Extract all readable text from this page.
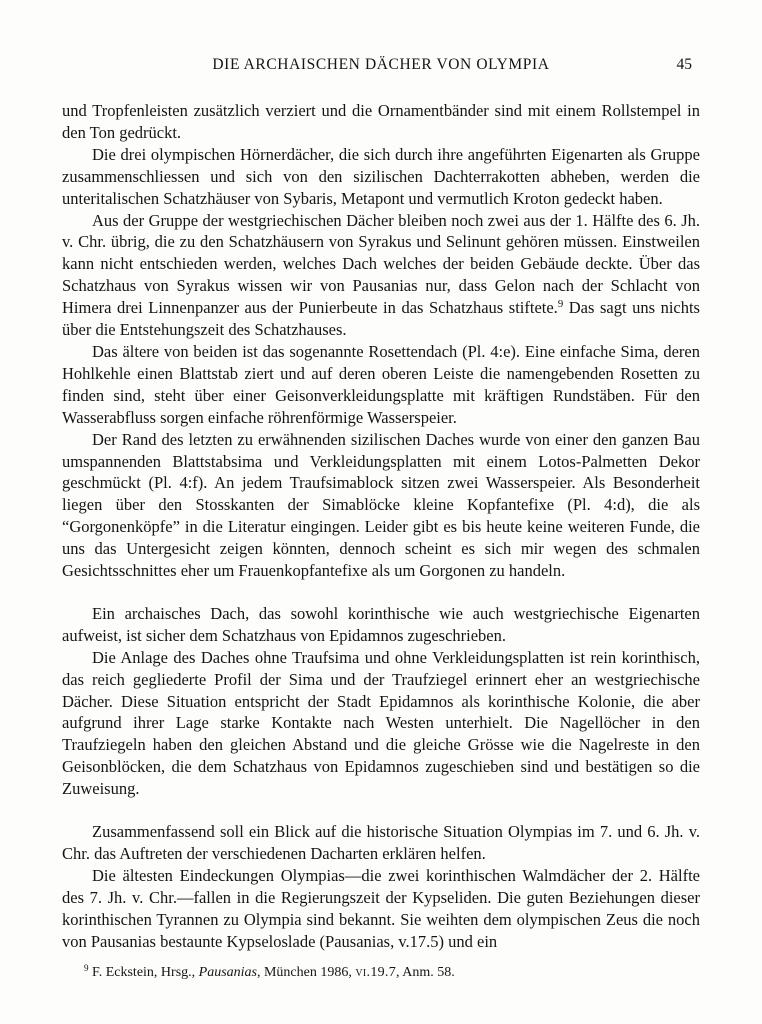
DIE ARCHAISCHEN DÄCHER VON OLYMPIA	45

und Tropfenleisten zusätzlich verziert und die Ornamentbänder sind mit einem Rollstempel in den Ton gedrückt.

Die drei olympischen Hörnerdächer, die sich durch ihre angeführten Eigenarten als Gruppe zusammenschliessen und sich von den sizilischen Dachterrakotten abheben, werden die unteritalischen Schatzhäuser von Sybaris, Metapont und vermutlich Kroton gedeckt haben.

Aus der Gruppe der westgriechischen Dächer bleiben noch zwei aus der 1. Hälfte des 6. Jh. v. Chr. übrig, die zu den Schatzhäusern von Syrakus und Selinunt gehören müssen. Einstweilen kann nicht entschieden werden, welches Dach welches der beiden Gebäude deckte. Über das Schatzhaus von Syrakus wissen wir von Pausanias nur, dass Gelon nach der Schlacht von Himera drei Linnenpanzer aus der Punierbeute in das Schatzhaus stiftete.$^9$ Das sagt uns nichts über die Entstehungszeit des Schatzhauses.

Das ältere von beiden ist das sogenannte Rosettendach (Pl. 4:e). Eine einfache Sima, deren Hohlkehle einen Blattstab ziert und auf deren oberen Leiste die namengebenden Rosetten zu finden sind, steht über einer Geisonverkleidungsplatte mit kräftigen Rundstäben. Für den Wasserabfluss sorgen einfache röhrenförmige Wasserspeier.

Der Rand des letzten zu erwähnenden sizilischen Daches wurde von einer den ganzen Bau umspannenden Blattstabsima und Verkleidungsplatten mit einem Lotos-Palmetten Dekor geschmückt (Pl. 4:f). An jedem Traufsimablock sitzen zwei Wasserspeier. Als Besonderheit liegen über den Stosskanten der Simablöcke kleine Kopfantefixe (Pl. 4:d), die als “Gorgonenköpfe” in die Literatur eingingen. Leider gibt es bis heute keine weiteren Funde, die uns das Untergesicht zeigen könnten, dennoch scheint es sich mir wegen des schmalen Gesichtsschnittes eher um Frauenkopfantefixe als um Gorgonen zu handeln.

Ein archaisches Dach, das sowohl korinthische wie auch westgriechische Eigenarten aufweist, ist sicher dem Schatzhaus von Epidamnos zugeschrieben.

Die Anlage des Daches ohne Traufsima und ohne Verkleidungsplatten ist rein korinthisch, das reich gegliederte Profil der Sima und der Traufziegel erinnert eher an westgriechische Dächer. Diese Situation entspricht der Stadt Epidamnos als korinthische Kolonie, die aber aufgrund ihrer Lage starke Kontakte nach Westen unterhielt. Die Nagellöcher in den Traufziegeln haben den gleichen Abstand und die gleiche Grösse wie die Nagelreste in den Geisonblöcken, die dem Schatzhaus von Epidamnos zugeschieben sind und bestätigen so die Zuweisung.

Zusammenfassend soll ein Blick auf die historische Situation Olympias im 7. und 6. Jh. v. Chr. das Auftreten der verschiedenen Dacharten erklären helfen.

Die ältesten Eindeckungen Olympias—die zwei korinthischen Walmdächer der 2. Hälfte des 7. Jh. v. Chr.—fallen in die Regierungszeit der Kypseliden. Die guten Beziehungen dieser korinthischen Tyrannen zu Olympia sind bekannt. Sie weihten dem olympischen Zeus die noch von Pausanias bestaunte Kypseloslade (Pausanias, v.17.5) und ein

$^9$ F. Eckstein, Hrsg., Pausanias, München 1986, vi.19.7, Anm. 58.
